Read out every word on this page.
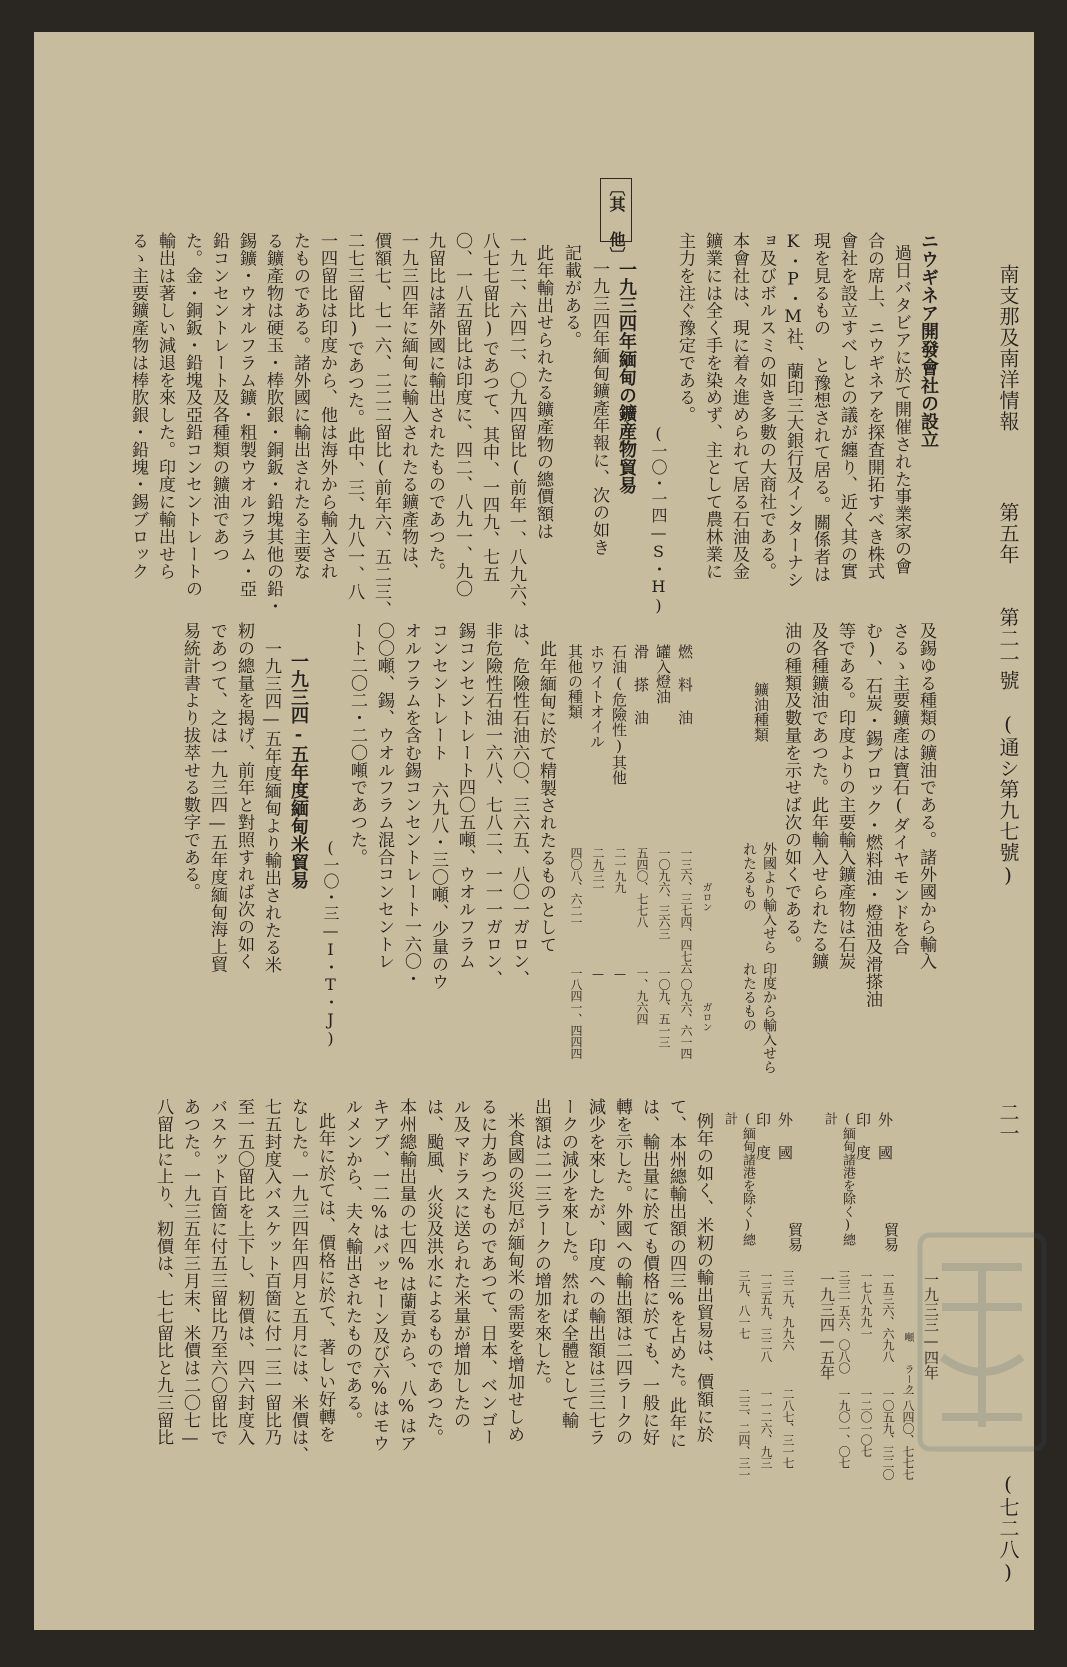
南支那及南洋情報

第五年

第二一號

(通シ第九七號)

二一

(七二八)

ニウギネア開發會社の設立

過日バタビアに於て開催された事業家の會

合の席上、ニウギネアを探査開拓すべき株式

會社を設立すべしとの議が纏り、近く其の實

現を見るもの と豫想されて居る。關係者は

K・P・M社、蘭印三大銀行及インターナシ

ョ及びボルスミの如き多數の大商社である。

本會社は、現に着々進められて居る石油及金

鑛業には全く手を染めず、主として農林業に

主力を注ぐ豫定である。

(一〇・一四—S・H)

〔其 他〕

一九三四年緬甸の鑛産物貿易

一九三四年緬甸鑛產年報に、次の如き

記載がある。

此年輸出せられたる鑛產物の總價額は

一九二、六四二、〇九四留比(前年一、八九六、

八七七留比)であつて、其中、一四九、七五

〇、一八五留比は印度に、四二、八九一、九〇

九留比は諸外國に輸出されたものであつた。

一九三四年に緬甸に輸入されたる鑛產物は、

價額七、七一六、二二二留比(前年六、五二三、

二七三留比)であつた。此中、三、九八一、八

一四留比は印度から、他は海外から輸入され

たものである。諸外國に輸出されたる主要な

る鑛產物は硬玉・棒肷銀・銅鈑・鉛塊其他の鉛・

錫鑛・ウオルフラム鑛・粗製ウオルフラム・亞

鉛コンセントレート及各種類の鑛油であつ

た。金・銅鈑・鉛塊及亞鉛コンセントレートの

輸出は著しい減退を來した。印度に輸出せら

るゝ主要鑛產物は棒肷銀・鉛塊・錫ブロック

及錫ゆる種類の鑛油である。諸外國から輸入

さるゝ主要鑛產は寶石(ダイヤモンドを合

む)、石炭・錫ブロック・燃料油・燈油及滑搽油

等である。印度よりの主要輸入鑛產物は石炭

及各種鑛油であつた。此年輸入せられたる鑛

油の種類及數量を示せば次の如くである。

鑛油種類

外國より輸入せられたるもの

印度から輸入せられたるもの

ガロン

ガロン

燃 料 油

一三六、三七四、四七六

一〇九六、六一四

罐入燈油

一〇九六、三六三

一〇九、五一三

滑 搽 油

五四〇、七七八

一、九六四

石油(危險性)其他

二一九九

—

ホワイトオイル

二九三一

—

其他の種類

四〇八、六二一

一八四一、四四四

此年緬甸に於て精製されたるものとして

は、危險性石油六〇、三六五、八〇一ガロン、

非危險性石油一六八、七八二、一一一ガロン、

錫コンセントレート四〇五噸、ウオルフラム

コンセントレート 六九八・三〇噸、少量のウ

オルフラムを含む錫コンセントレート一六〇・

〇〇噸、錫、ウオルフラム混合コンセントレ

ート二〇二・二〇噸であつた。

(一〇・三—I・T・J)

一九三四-五年度緬甸米貿易

一九三四—五年度緬甸より輸出されたる米

籾の總量を揭げ、前年と對照すれば次の如く

であつて、之は一九三四—五年度緬甸海上貿

易統計書より拔萃せる數字である。

一九三三—四年

一九三四—五年	ラーク

噸

貿易

外 國

一五三六、六九八

一〇五九、三二〇

印 度

一七八九九一

一二〇一〇七

(緬甸諸港を除く)總 計

三三一五六、〇八〇

一九〇一、〇七	一八四〇、七七七

貿易

外 國

三二九、九九六

二八七、三一七

印 度

一三五九、三二八

一一二六、九三

(緬甸諸港を除く)總 計

三九、八一七

二三、二四、三一

例年の如く、米籾の輸出貿易は、價額に於

て、本州總輸出額の四三%を占めた。此年に

は、輸出量に於ても價格に於ても、一般に好

轉を示した。外國への輸出額は二四ラークの

減少を來したが、印度への輸出額は三三七ラ

ークの減少を來した。然れば全體として輸

出額は二一三ラークの增加を來した。

米食國の災厄が緬甸米の需要を增加せしめ

るに力あつたものであつて、日本、ベンゴー

ル及マドラスに送られた米量が增加したの

は、颱風、火災及洪水によるものであつた。

本州總輸出量の七四%は蘭貢から、八%はア

キアブ、一二%はバッセーン及び六%はモウ

ルメンから、夫々輸出されたものである。

此年に於ては、價格に於て、著しい好轉を

なした。一九三四年四月と五月には、米價は、

七五封度入バスケット百箇に付一三一留比乃

至一五〇留比を上下し、籾價は、四六封度入

バスケット百箇に付五三留比乃至六〇留比で

あつた。一九三五年三月末、米價は二〇七—

八留比に上り、籾價は、七七留比と九三留比
